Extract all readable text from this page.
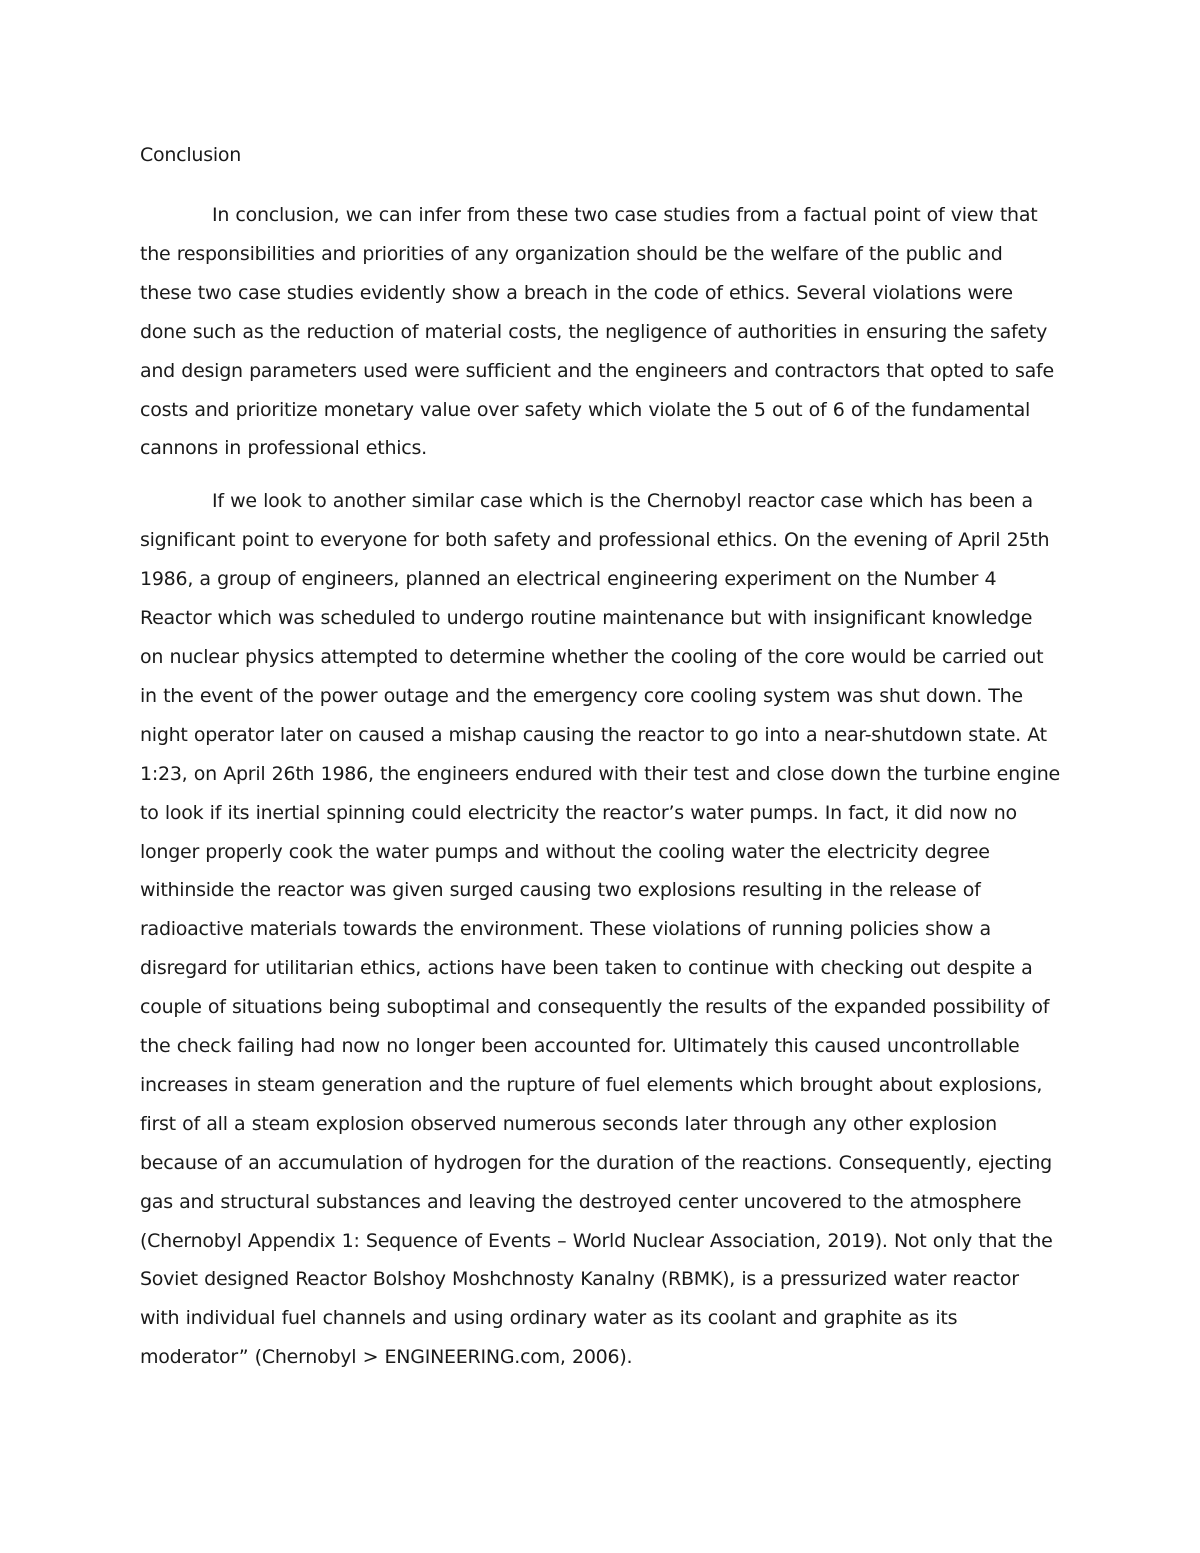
Conclusion

In conclusion, we can infer from these two case studies from a factual point of view that the responsibilities and priorities of any organization should be the welfare of the public and these two case studies evidently show a breach in the code of ethics. Several violations were done such as the reduction of material costs, the negligence of authorities in ensuring the safety and design parameters used were sufficient and the engineers and contractors that opted to safe costs and prioritize monetary value over safety which violate the 5 out of 6 of the fundamental cannons in professional ethics.

If we look to another similar case which is the Chernobyl reactor case which has been a significant point to everyone for both safety and professional ethics. On the evening of April 25th 1986, a group of engineers, planned an electrical engineering experiment on the Number 4 Reactor which was scheduled to undergo routine maintenance but with insignificant knowledge on nuclear physics attempted to determine whether the cooling of the core would be carried out in the event of the power outage and the emergency core cooling system was shut down. The night operator later on caused a mishap causing the reactor to go into a near-shutdown state. At 1:23, on April 26th 1986, the engineers endured with their test and close down the turbine engine to look if its inertial spinning could electricity the reactor’s water pumps. In fact, it did now no longer properly cook the water pumps and without the cooling water the electricity degree withinside the reactor was given surged causing two explosions resulting in the release of radioactive materials towards the environment. These violations of running policies show a disregard for utilitarian ethics, actions have been taken to continue with checking out despite a couple of situations being suboptimal and consequently the results of the expanded possibility of the check failing had now no longer been accounted for. Ultimately this caused uncontrollable increases in steam generation and the rupture of fuel elements which brought about explosions, first of all a steam explosion observed numerous seconds later through any other explosion because of an accumulation of hydrogen for the duration of the reactions. Consequently, ejecting gas and structural substances and leaving the destroyed center uncovered to the atmosphere (Chernobyl Appendix 1: Sequence of Events – World Nuclear Association, 2019). Not only that the Soviet designed Reactor Bolshoy Moshchnosty Kanalny (RBMK), is a pressurized water reactor with individual fuel channels and using ordinary water as its coolant and graphite as its moderator” (Chernobyl > ENGINEERING.com, 2006).
